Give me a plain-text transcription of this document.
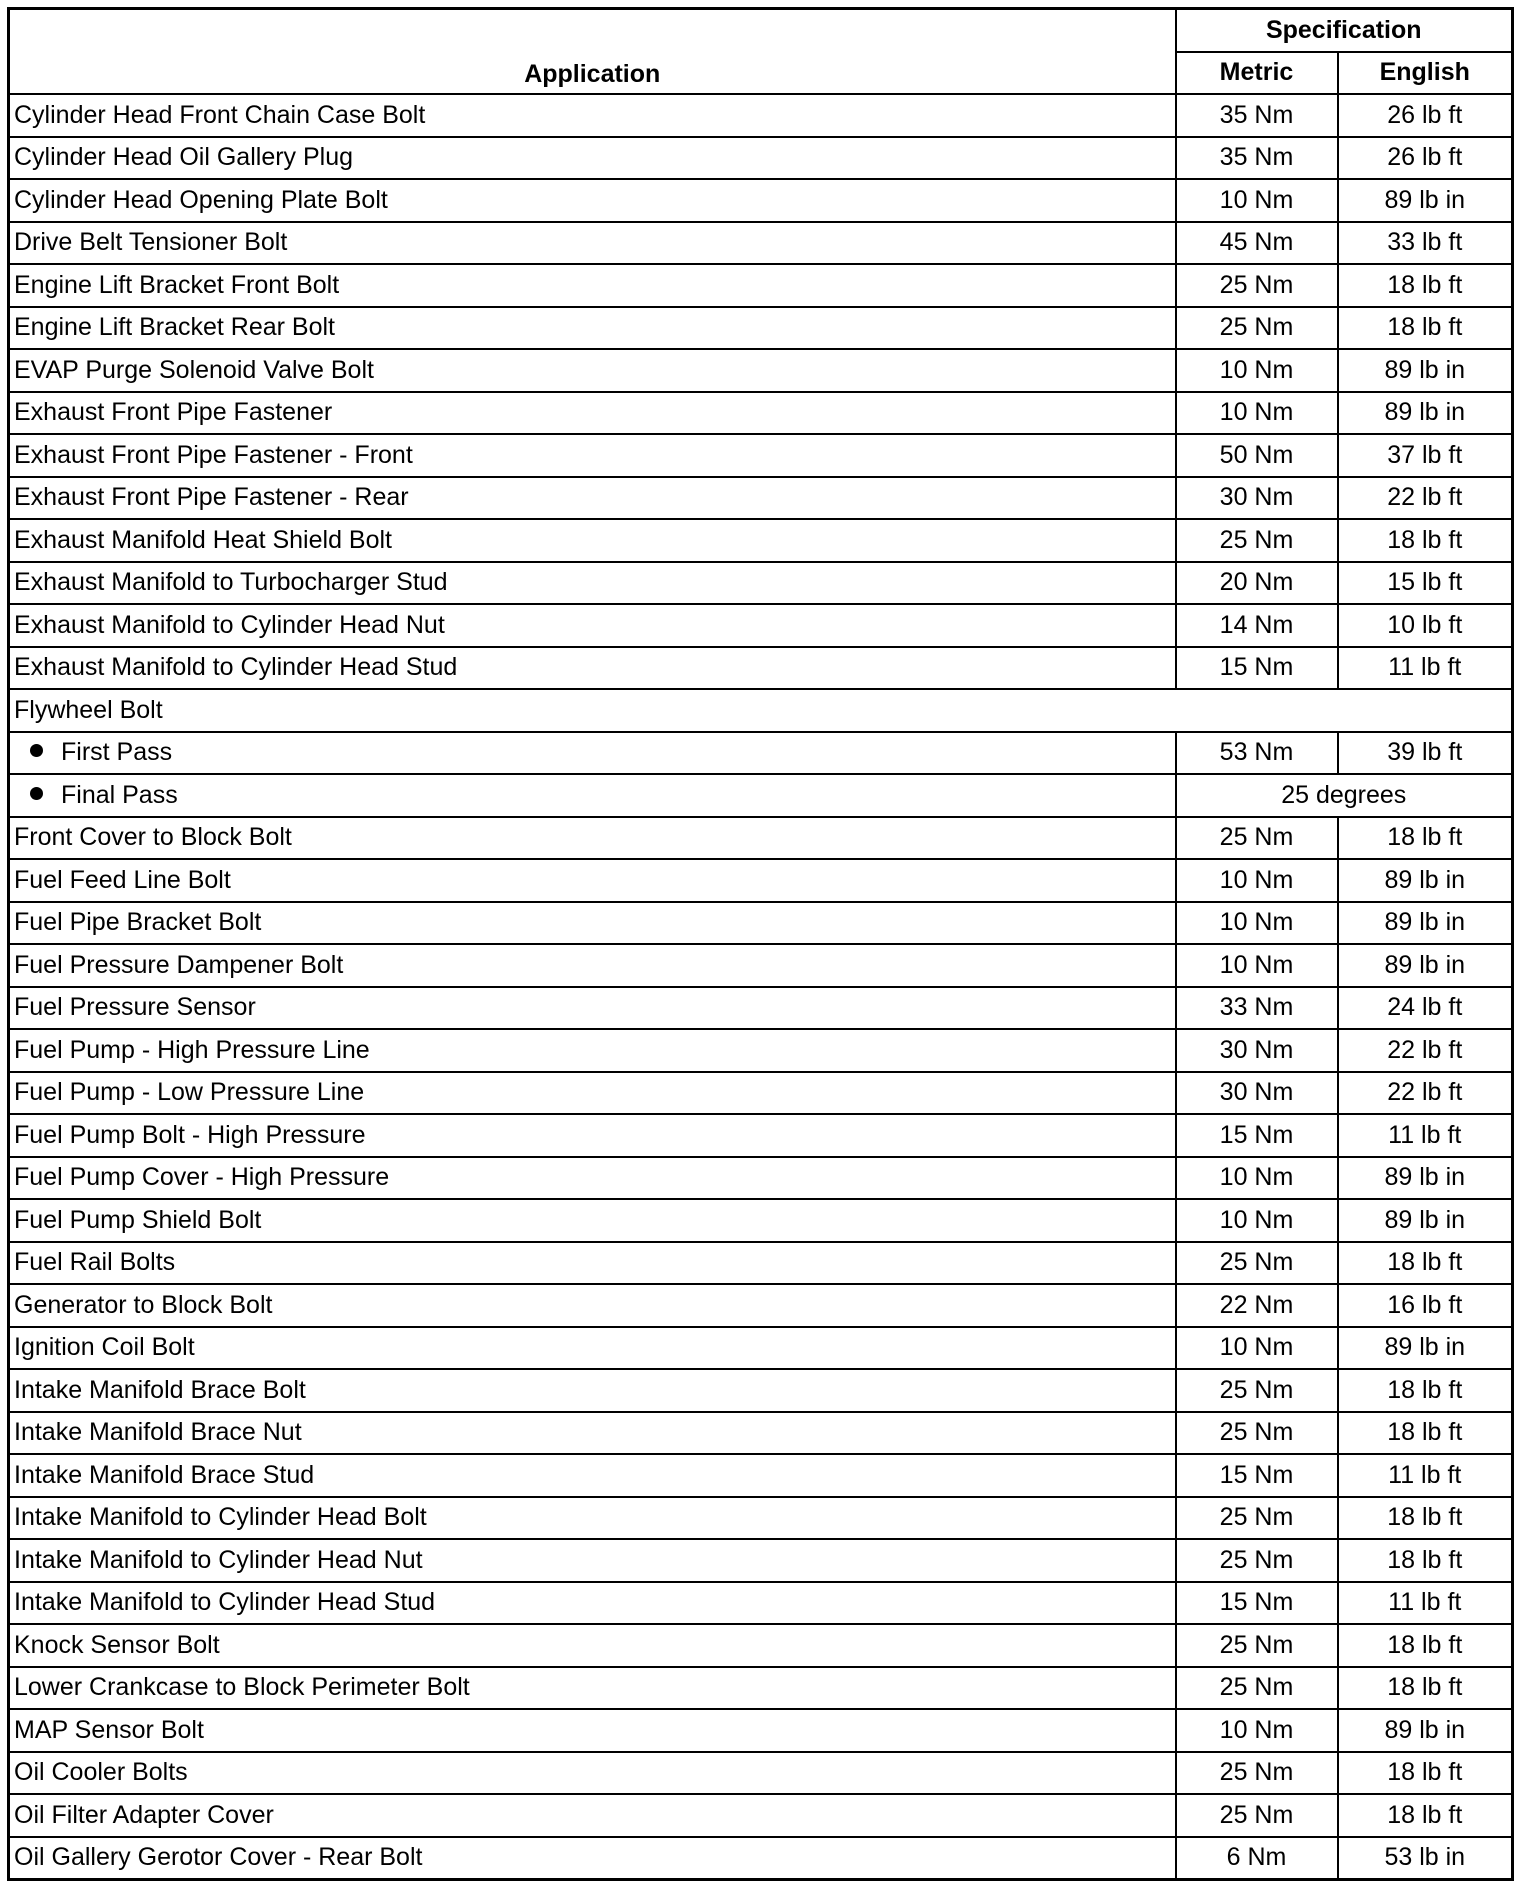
Application	Specification	
	Metric	English
Cylinder Head Front Chain Case Bolt	35 Nm	26 lb ft
Cylinder Head Oil Gallery Plug	35 Nm	26 lb ft
Cylinder Head Opening Plate Bolt	10 Nm	89 lb in
Drive Belt Tensioner Bolt	45 Nm	33 lb ft
Engine Lift Bracket Front Bolt	25 Nm	18 lb ft
Engine Lift Bracket Rear Bolt	25 Nm	18 lb ft
EVAP Purge Solenoid Valve Bolt	10 Nm	89 lb in
Exhaust Front Pipe Fastener	10 Nm	89 lb in
Exhaust Front Pipe Fastener - Front	50 Nm	37 lb ft
Exhaust Front Pipe Fastener - Rear	30 Nm	22 lb ft
Exhaust Manifold Heat Shield Bolt	25 Nm	18 lb ft
Exhaust Manifold to Turbocharger Stud	20 Nm	15 lb ft
Exhaust Manifold to Cylinder Head Nut	14 Nm	10 lb ft
Exhaust Manifold to Cylinder Head Stud	15 Nm	11 lb ft
Flywheel Bolt		
First Pass	53 Nm	39 lb ft
Final Pass	25 degrees	
Front Cover to Block Bolt	25 Nm	18 lb ft
Fuel Feed Line Bolt	10 Nm	89 lb in
Fuel Pipe Bracket Bolt	10 Nm	89 lb in
Fuel Pressure Dampener Bolt	10 Nm	89 lb in
Fuel Pressure Sensor	33 Nm	24 lb ft
Fuel Pump - High Pressure Line	30 Nm	22 lb ft
Fuel Pump - Low Pressure Line	30 Nm	22 lb ft
Fuel Pump Bolt - High Pressure	15 Nm	11 lb ft
Fuel Pump Cover - High Pressure	10 Nm	89 lb in
Fuel Pump Shield Bolt	10 Nm	89 lb in
Fuel Rail Bolts	25 Nm	18 lb ft
Generator to Block Bolt	22 Nm	16 lb ft
Ignition Coil Bolt	10 Nm	89 lb in
Intake Manifold Brace Bolt	25 Nm	18 lb ft
Intake Manifold Brace Nut	25 Nm	18 lb ft
Intake Manifold Brace Stud	15 Nm	11 lb ft
Intake Manifold to Cylinder Head Bolt	25 Nm	18 lb ft
Intake Manifold to Cylinder Head Nut	25 Nm	18 lb ft
Intake Manifold to Cylinder Head Stud	15 Nm	11 lb ft
Knock Sensor Bolt	25 Nm	18 lb ft
Lower Crankcase to Block Perimeter Bolt	25 Nm	18 lb ft
MAP Sensor Bolt	10 Nm	89 lb in
Oil Cooler Bolts	25 Nm	18 lb ft
Oil Filter Adapter Cover	25 Nm	18 lb ft
Oil Gallery Gerotor Cover - Rear Bolt	6 Nm	53 lb in
